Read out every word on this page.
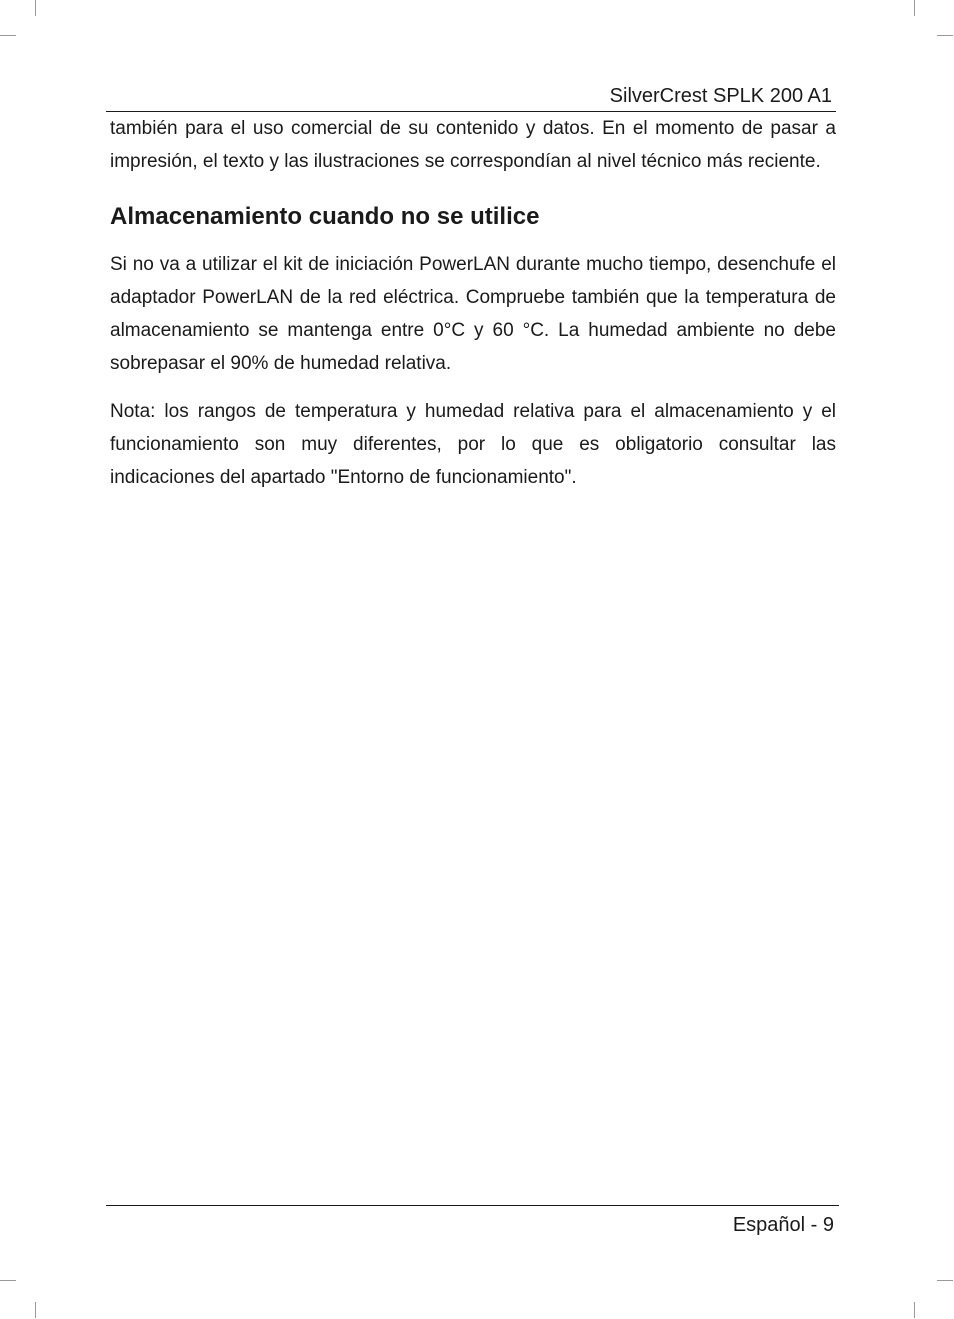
SilverCrest SPLK 200 A1

también para el uso comercial de su contenido y datos. En el momento de pasar a impresión, el texto y las ilustraciones se correspondían al nivel técnico más reciente.

Almacenamiento cuando no se utilice

Si no va a utilizar el kit de iniciación PowerLAN durante mucho tiempo, desenchufe el adaptador PowerLAN de la red eléctrica. Compruebe también que la temperatura de almacenamiento se mantenga entre 0°C y 60 °C. La humedad ambiente no debe sobrepasar el 90% de humedad relativa.

Nota: los rangos de temperatura y humedad relativa para el almacenamiento y el funcionamiento son muy diferentes, por lo que es obligatorio consultar las indicaciones del apartado "Entorno de funcionamiento".

Español - 9
